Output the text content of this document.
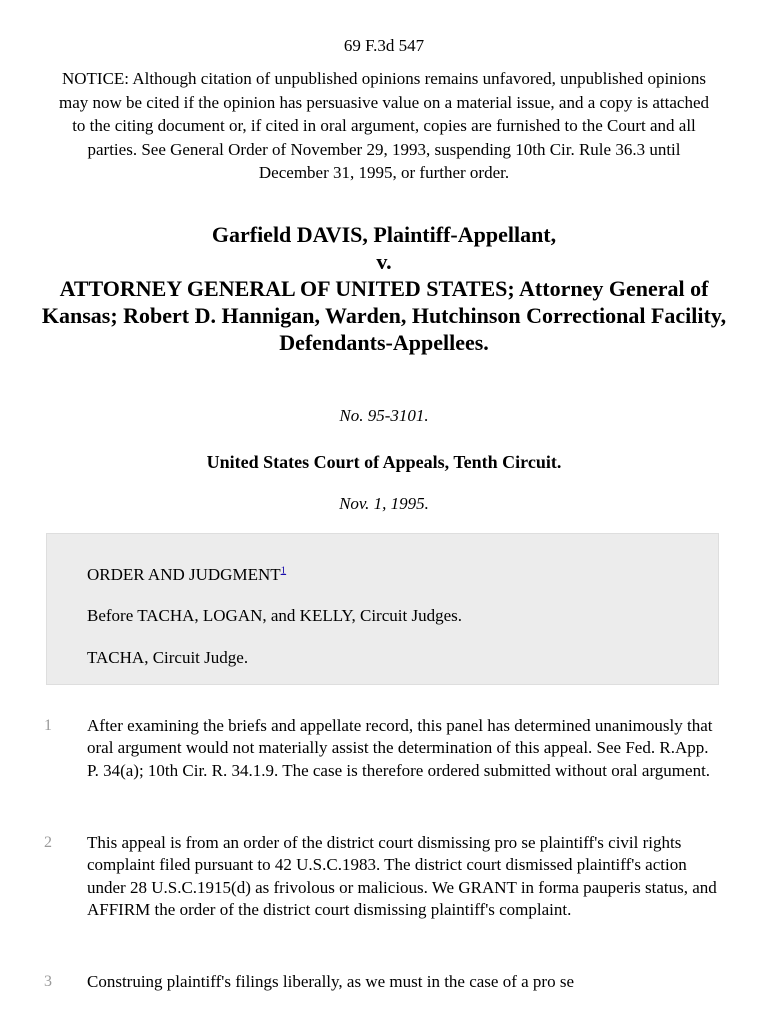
69 F.3d 547
NOTICE: Although citation of unpublished opinions remains unfavored, unpublished opinions may now be cited if the opinion has persuasive value on a material issue, and a copy is attached to the citing document or, if cited in oral argument, copies are furnished to the Court and all parties. See General Order of November 29, 1993, suspending 10th Cir. Rule 36.3 until December 31, 1995, or further order.
Garfield DAVIS, Plaintiff-Appellant,
v.
ATTORNEY GENERAL OF UNITED STATES; Attorney General of
Kansas; Robert D. Hannigan, Warden, Hutchinson Correctional Facility, Defendants-Appellees.
No. 95-3101.
United States Court of Appeals, Tenth Circuit.
Nov. 1, 1995.
ORDER AND JUDGMENT$^1$
Before TACHA, LOGAN, and KELLY, Circuit Judges.
TACHA, Circuit Judge.
1	After examining the briefs and appellate record, this panel has determined unanimously that oral argument would not materially assist the determination of this appeal. See Fed. R.App. P. 34(a); 10th Cir. R. 34.1.9. The case is therefore ordered submitted without oral argument.
2	This appeal is from an order of the district court dismissing pro se plaintiff's civil rights complaint filed pursuant to 42 U.S.C.1983. The district court dismissed plaintiff's action under 28 U.S.C.1915(d) as frivolous or malicious. We GRANT in forma pauperis status, and AFFIRM the order of the district court dismissing plaintiff's complaint.
3	Construing plaintiff's filings liberally, as we must in the case of a pro se
